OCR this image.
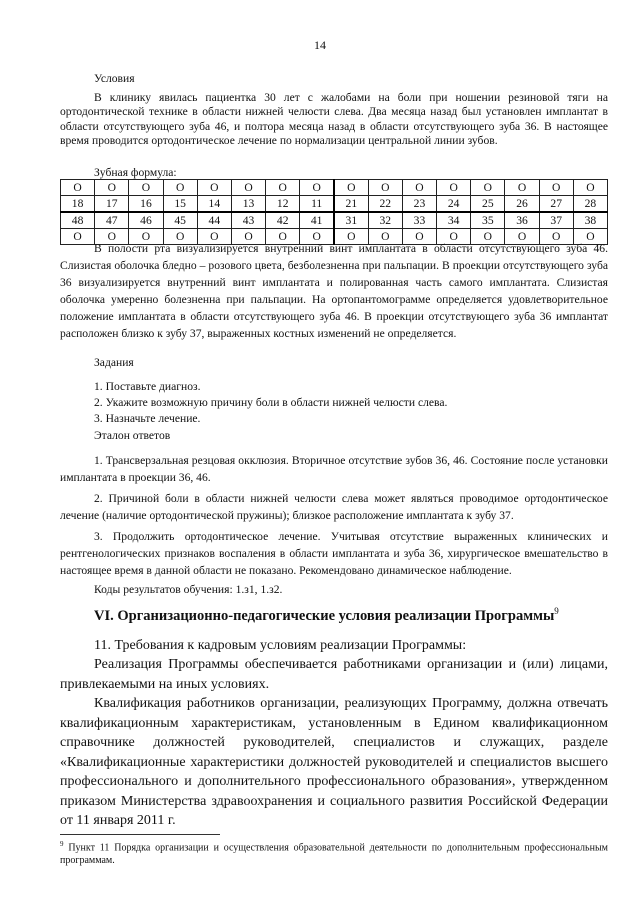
14

Условия

В клинику явилась пациентка 30 лет с жалобами на боли при ношении резиновой тяги на ортодонтической технике в области нижней челюсти слева. Два месяца назад был установлен имплантат в области отсутствующего зуба 46, и полтора месяца назад в области отсутствующего зуба 36. В настоящее время проводится ортодонтическое лечение по нормализации центральной линии зубов.

Зубная формула:

O	O	O	O	O	O	O	O	O	O	O	O	O	O	O	O
18	17	16	15	14	13	12	11	21	22	23	24	25	26	27	28
48	47	46	45	44	43	42	41	31	32	33	34	35	36	37	38
O	O	O	O	O	O	O	O	O	O	O	O	O	O	O	O

В полости рта визуализируется внутренний винт имплантата в области отсутствующего зуба 46. Слизистая оболочка бледно – розового цвета, безболезненна при пальпации. В проекции отсутствующего зуба 36 визуализируется внутренний винт имплантата и полированная часть самого имплантата. Слизистая оболочка умеренно болезненна при пальпации. На ортопантомограмме определяется удовлетворительное положение имплантата в области отсутствующего зуба 46. В проекции отсутствующего зуба 36 имплантат расположен близко к зубу 37, выраженных костных изменений не определяется.

Задания

1. Поставьте диагноз.

2. Укажите возможную причину боли в области нижней челюсти слева.

3. Назначьте лечение.

Эталон ответов

1. Трансверзальная резцовая окклюзия. Вторичное отсутствие зубов 36, 46. Состояние после установки имплантата в проекции 36, 46.

2. Причиной боли в области нижней челюсти слева может являться проводимое ортодонтическое лечение (наличие ортодонтической пружины); близкое расположение имплантата к зубу 37.

3. Продолжить ортодонтическое лечение. Учитывая отсутствие выраженных клинических и рентгенологических признаков воспаления в области имплантата и зуба 36, хирургическое вмешательство в настоящее время в данной области не показано. Рекомендовано динамическое наблюдение.

Коды результатов обучения: 1.з1, 1.з2.

VI. Организационно-педагогические условия реализации Программы$^9$

11. Требования к кадровым условиям реализации Программы:

Реализация Программы обеспечивается работниками организации и (или) лицами, привлекаемыми на иных условиях.

Квалификация работников организации, реализующих Программу, должна отвечать квалификационным характеристикам, установленным в Едином квалификационном справочнике должностей руководителей, специалистов и служащих, разделе «Квалификационные характеристики должностей руководителей и специалистов высшего профессионального и дополнительного профессионального образования», утвержденном приказом Министерства здравоохранения и социального развития Российской Федерации от 11 января 2011 г.

$^9$ Пункт 11 Порядка организации и осуществления образовательной деятельности по дополнительным профессиональным программам.
